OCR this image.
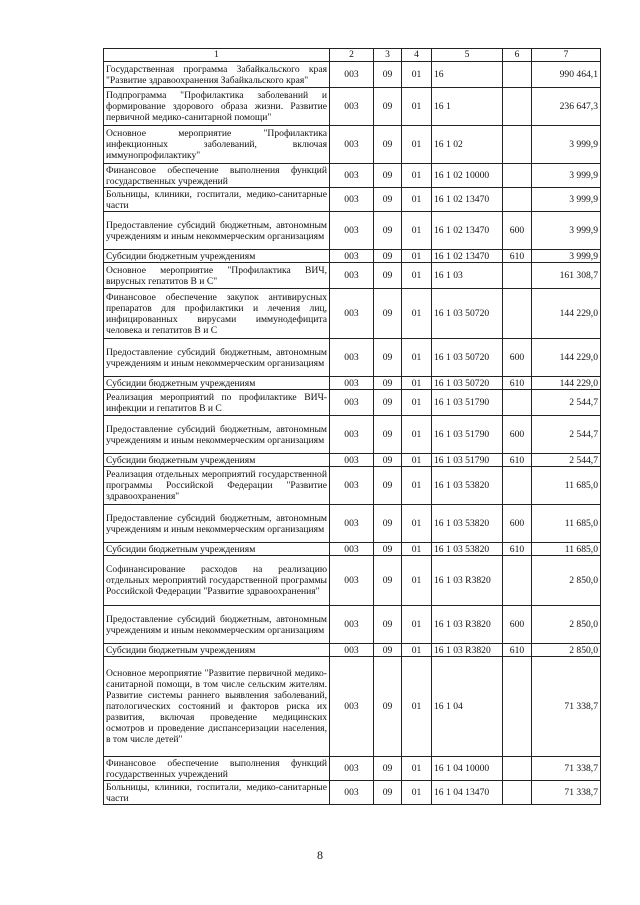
1	2	3	4	5	6	7
Государственная программа Забайкальского края "Развитие здравоохранения Забайкальского края"	003	09	01	16		990 464,1
Подпрограмма "Профилактика заболеваний и формирование здорового образа жизни. Развитие первичной медико-санитарной помощи"	003	09	01	16 1		236 647,3
Основное мероприятие "Профилактика инфекционных заболеваний, включая иммунопрофилактику"	003	09	01	16 1 02		3 999,9
Финансовое обеспечение выполнения функций государственных учреждений	003	09	01	16 1 02 10000		3 999,9
Больницы, клиники, госпитали, медико-санитарные части	003	09	01	16 1 02 13470		3 999,9
Предоставление субсидий бюджетным, автономным учреждениям и иным некоммерческим организациям	003	09	01	16 1 02 13470	600	3 999,9
Субсидии бюджетным учреждениям	003	09	01	16 1 02 13470	610	3 999,9
Основное мероприятие "Профилактика ВИЧ, вирусных гепатитов В и С"	003	09	01	16 1 03		161 308,7
Финансовое обеспечение закупок антивирусных препаратов для профилактики и лечения лиц, инфицированных вирусами иммунодефицита человека и гепатитов В и С	003	09	01	16 1 03 50720		144 229,0
Предоставление субсидий бюджетным, автономным учреждениям и иным некоммерческим организациям	003	09	01	16 1 03 50720	600	144 229,0
Субсидии бюджетным учреждениям	003	09	01	16 1 03 50720	610	144 229,0
Реализация мероприятий по профилактике ВИЧ-инфекции и гепатитов В и С	003	09	01	16 1 03 51790		2 544,7
Предоставление субсидий бюджетным, автономным учреждениям и иным некоммерческим организациям	003	09	01	16 1 03 51790	600	2 544,7
Субсидии бюджетным учреждениям	003	09	01	16 1 03 51790	610	2 544,7
Реализация отдельных мероприятий государственной программы Российской Федерации "Развитие здравоохранения"	003	09	01	16 1 03 53820		11 685,0
Предоставление субсидий бюджетным, автономным учреждениям и иным некоммерческим организациям	003	09	01	16 1 03 53820	600	11 685,0
Субсидии бюджетным учреждениям	003	09	01	16 1 03 53820	610	11 685,0
Софинансирование расходов на реализацию отдельных мероприятий государственной программы Российской Федерации "Развитие здравоохранения"	003	09	01	16 1 03 R3820		2 850,0
Предоставление субсидий бюджетным, автономным учреждениям и иным некоммерческим организациям	003	09	01	16 1 03 R3820	600	2 850,0
Субсидии бюджетным учреждениям	003	09	01	16 1 03 R3820	610	2 850,0
Основное мероприятие "Развитие первичной медико-санитарной помощи, в том числе сельским жителям. Развитие системы раннего выявления заболеваний, патологических состояний и факторов риска их развития, включая проведение медицинских осмотров и проведение диспансеризации населения, в том числе детей"	003	09	01	16 1 04		71 338,7
Финансовое обеспечение выполнения функций государственных учреждений	003	09	01	16 1 04 10000		71 338,7
Больницы, клиники, госпитали, медико-санитарные части	003	09	01	16 1 04 13470		71 338,7
8
